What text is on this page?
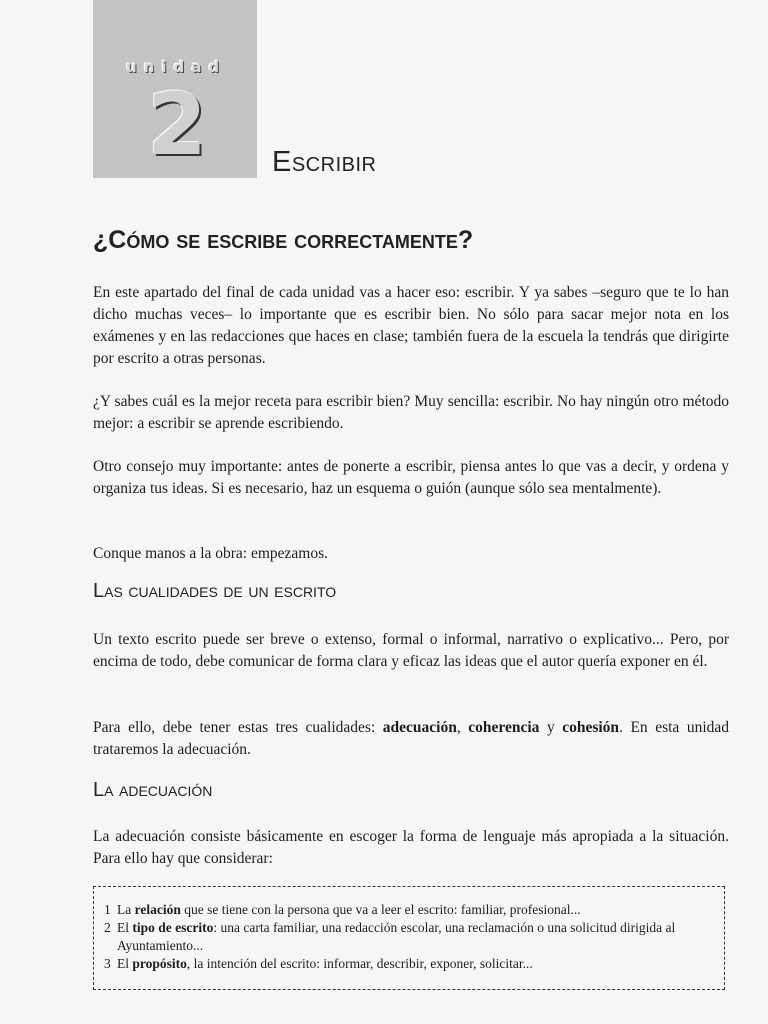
unidad
2	Escribir
¿Cómo se escribe correctamente?

En este apartado del final de cada unidad vas a hacer eso: escribir. Y ya sabes –seguro que te lo han dicho muchas veces– lo importante que es escribir bien. No sólo para sacar mejor nota en los exámenes y en las redacciones que haces en clase; también fuera de la escuela la tendrás que dirigirte por escrito a otras personas.

¿Y sabes cuál es la mejor receta para escribir bien? Muy sencilla: escribir. No hay ningún otro método mejor: a escribir se aprende escribiendo.

Otro consejo muy importante: antes de ponerte a escribir, piensa antes lo que vas a decir, y ordena y organiza tus ideas. Si es necesario, haz un esquema o guión (aunque sólo sea mentalmente).

Conque manos a la obra: empezamos.

Las cualidades de un escrito

Un texto escrito puede ser breve o extenso, formal o informal, narrativo o explicativo... Pero, por encima de todo, debe comunicar de forma clara y eficaz las ideas que el autor quería exponer en él.

Para ello, debe tener estas tres cualidades: adecuación, coherencia y cohesión. En esta unidad trataremos la adecuación.

La adecuación

La adecuación consiste básicamente en escoger la forma de lenguaje más apropiada a la situación. Para ello hay que considerar:

1 La relación que se tiene con la persona que va a leer el escrito: familiar, profesional...
2 El tipo de escrito: una carta familiar, una redacción escolar, una reclamación o una solicitud dirigida al Ayuntamiento...
3 El propósito, la intención del escrito: informar, describir, exponer, solicitar...
